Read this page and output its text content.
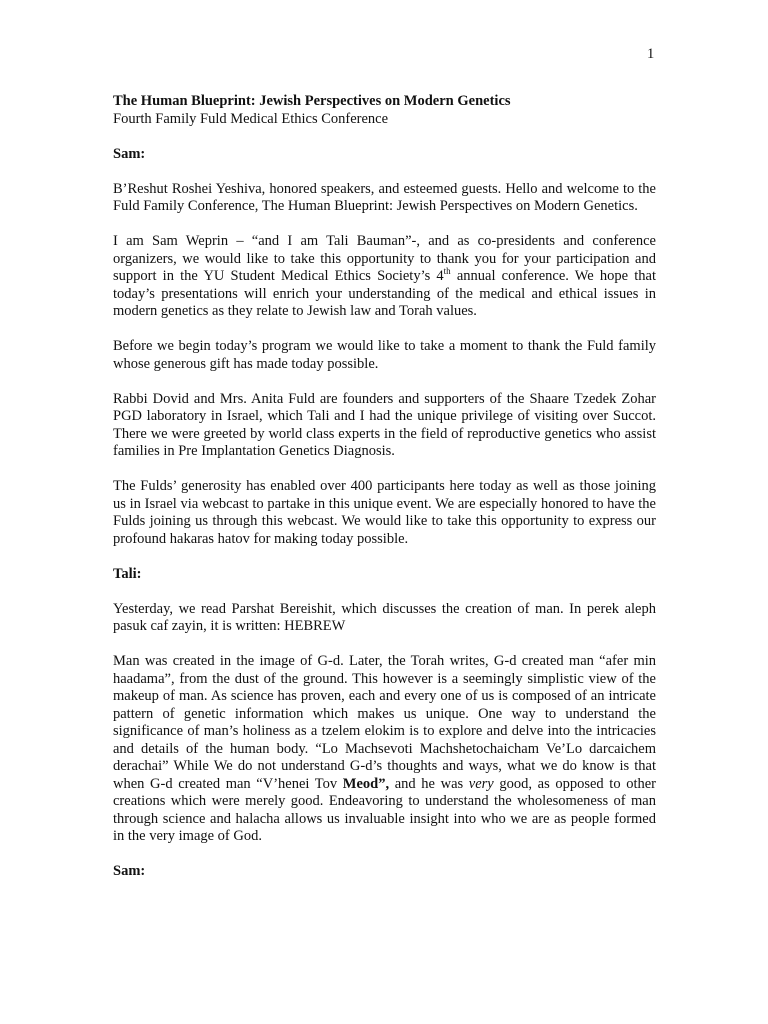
1

The Human Blueprint: Jewish Perspectives on Modern Genetics

Fourth Family Fuld Medical Ethics Conference

Sam:

B’Reshut Roshei Yeshiva, honored speakers, and esteemed guests. Hello and welcome to the Fuld Family Conference, The Human Blueprint: Jewish Perspectives on Modern Genetics.

I am Sam Weprin – “and I am Tali Bauman”-, and as co-presidents and conference organizers, we would like to take this opportunity to thank you for your participation and support in the YU Student Medical Ethics Society’s 4th annual conference. We hope that today’s presentations will enrich your understanding of the medical and ethical issues in modern genetics as they relate to Jewish law and Torah values.

Before we begin today’s program we would like to take a moment to thank the Fuld family whose generous gift has made today possible.

Rabbi Dovid and Mrs. Anita Fuld are founders and supporters of the Shaare Tzedek Zohar PGD laboratory in Israel, which Tali and I had the unique privilege of visiting over Succot. There we were greeted by world class experts in the field of reproductive genetics who assist families in Pre Implantation Genetics Diagnosis.

The Fulds’ generosity has enabled over 400 participants here today as well as those joining us in Israel via webcast to partake in this unique event. We are especially honored to have the Fulds joining us through this webcast. We would like to take this opportunity to express our profound hakaras hatov for making today possible.

Tali:

Yesterday, we read Parshat Bereishit, which discusses the creation of man. In perek aleph pasuk caf zayin, it is written: HEBREW

Man was created in the image of G-d. Later, the Torah writes, G-d created man “afer min haadama”, from the dust of the ground. This however is a seemingly simplistic view of the makeup of man. As science has proven, each and every one of us is composed of an intricate pattern of genetic information which makes us unique. One way to understand the significance of man’s holiness as a tzelem elokim is to explore and delve into the intricacies and details of the human body. “Lo Machsevoti Machshetochaicham Ve’Lo darcaichem derachai” While We do not understand G-d’s thoughts and ways, what we do know is that when G-d created man “V’henei Tov Meod”, and he was very good, as opposed to other creations which were merely good. Endeavoring to understand the wholesomeness of man through science and halacha allows us invaluable insight into who we are as people formed in the very image of God.

Sam:
